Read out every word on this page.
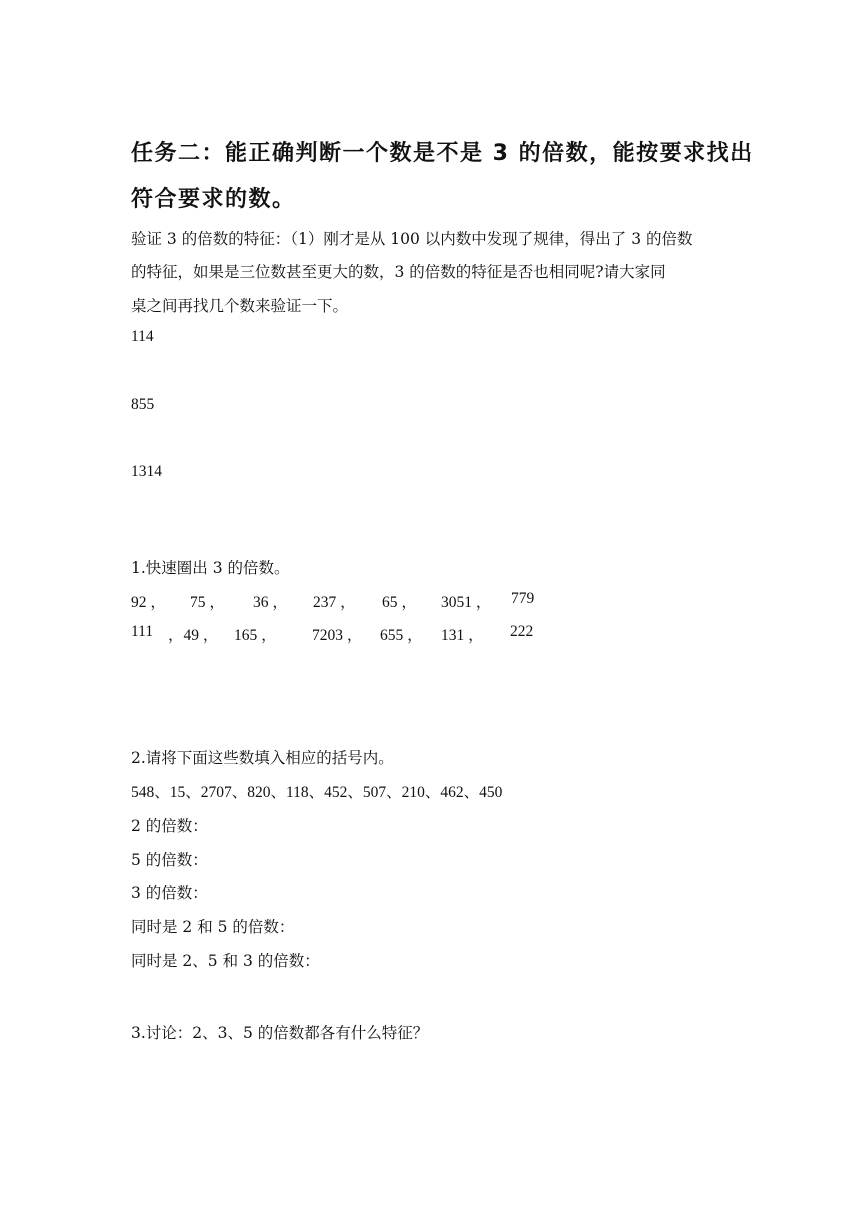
任务二：能正确判断一个数是不是 3 的倍数，能按要求找出
符合要求的数。
验证 3 的倍数的特征：（1）刚才是从 100 以内数中发现了规律，得出了 3 的倍数
的特征，如果是三位数甚至更大的数，3 的倍数的特征是否也相同呢?请大家同
桌之间再找几个数来验证一下。
114
855
1314
1.快速圈出 3 的倍数。
92 ， 75 ， 36 ， 237 ， 65 ， 3051 ， 779
111 ，49 ， 165 ， 7203 ， 655 ， 131 ， 222
2.请将下面这些数填入相应的括号内。
548、15、2707、820、118、452、507、210、462、450
2 的倍数：
5 的倍数：
3 的倍数：
同时是 2 和 5 的倍数：
同时是 2、5 和 3 的倍数：
3.讨论：2、3、5 的倍数都各有什么特征？
